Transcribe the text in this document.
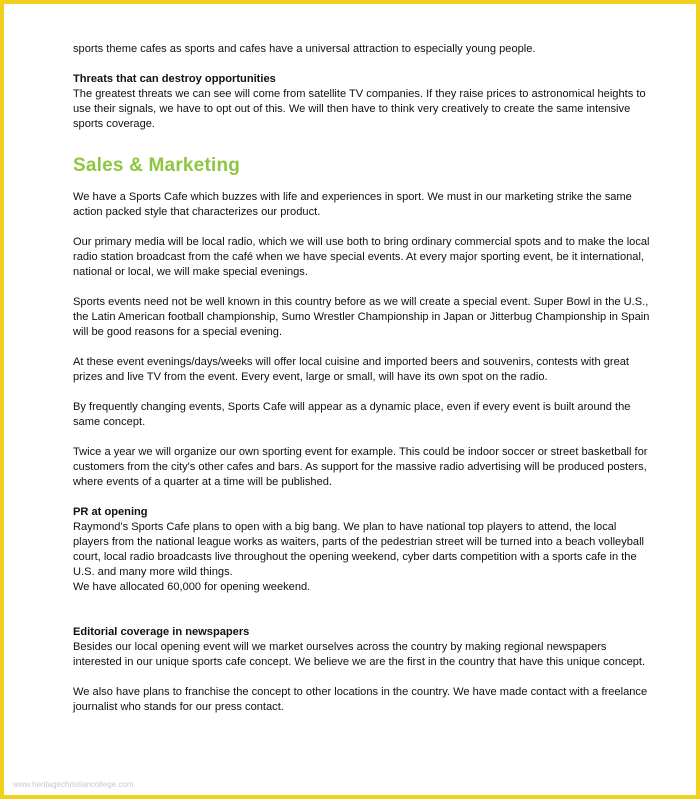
sports theme cafes as sports and cafes have a universal attraction to especially young people.

Threats that can destroy opportunities

The greatest threats we can see will come from satellite TV companies. If they raise prices to astronomical heights to use their signals, we have to opt out of this. We will then have to think very creatively to create the same intensive sports coverage.

Sales & Marketing

We have a Sports Cafe which buzzes with life and experiences in sport. We must in our marketing strike the same action packed style that characterizes our product.

Our primary media will be local radio, which we will use both to bring ordinary commercial spots and to make the local radio station broadcast from the café when we have special events. At every major sporting event, be it international, national or local, we will make special evenings.

Sports events need not be well known in this country before as we will create a special event. Super Bowl in the U.S., the Latin American football championship, Sumo Wrestler Championship in Japan or Jitterbug Championship in Spain will be good reasons for a special evening.

At these event evenings/days/weeks will offer local cuisine and imported beers and souvenirs, contests with great prizes and live TV from the event. Every event, large or small, will have its own spot on the radio.

By frequently changing events, Sports Cafe will appear as a dynamic place, even if every event is built around the same concept.

Twice a year we will organize our own sporting event for example. This could be indoor soccer or street basketball for customers from the city's other cafes and bars. As support for the massive radio advertising will be produced posters, where events of a quarter at a time will be published.

PR at opening

Raymond's Sports Cafe plans to open with a big bang. We plan to have national top players to attend, the local players from the national league works as waiters, parts of the pedestrian street will be turned into a beach volleyball court, local radio broadcasts live throughout the opening weekend, cyber darts competition with a sports cafe in the U.S. and many more wild things.

We have allocated 60,000 for opening weekend.

Editorial coverage in newspapers

Besides our local opening event will we market ourselves across the country by making regional newspapers interested in our unique sports cafe concept. We believe we are the first in the country that have this unique concept.

We also have plans to franchise the concept to other locations in the country. We have made contact with a freelance journalist who stands for our press contact.

www.heritagechristiancollege.com
